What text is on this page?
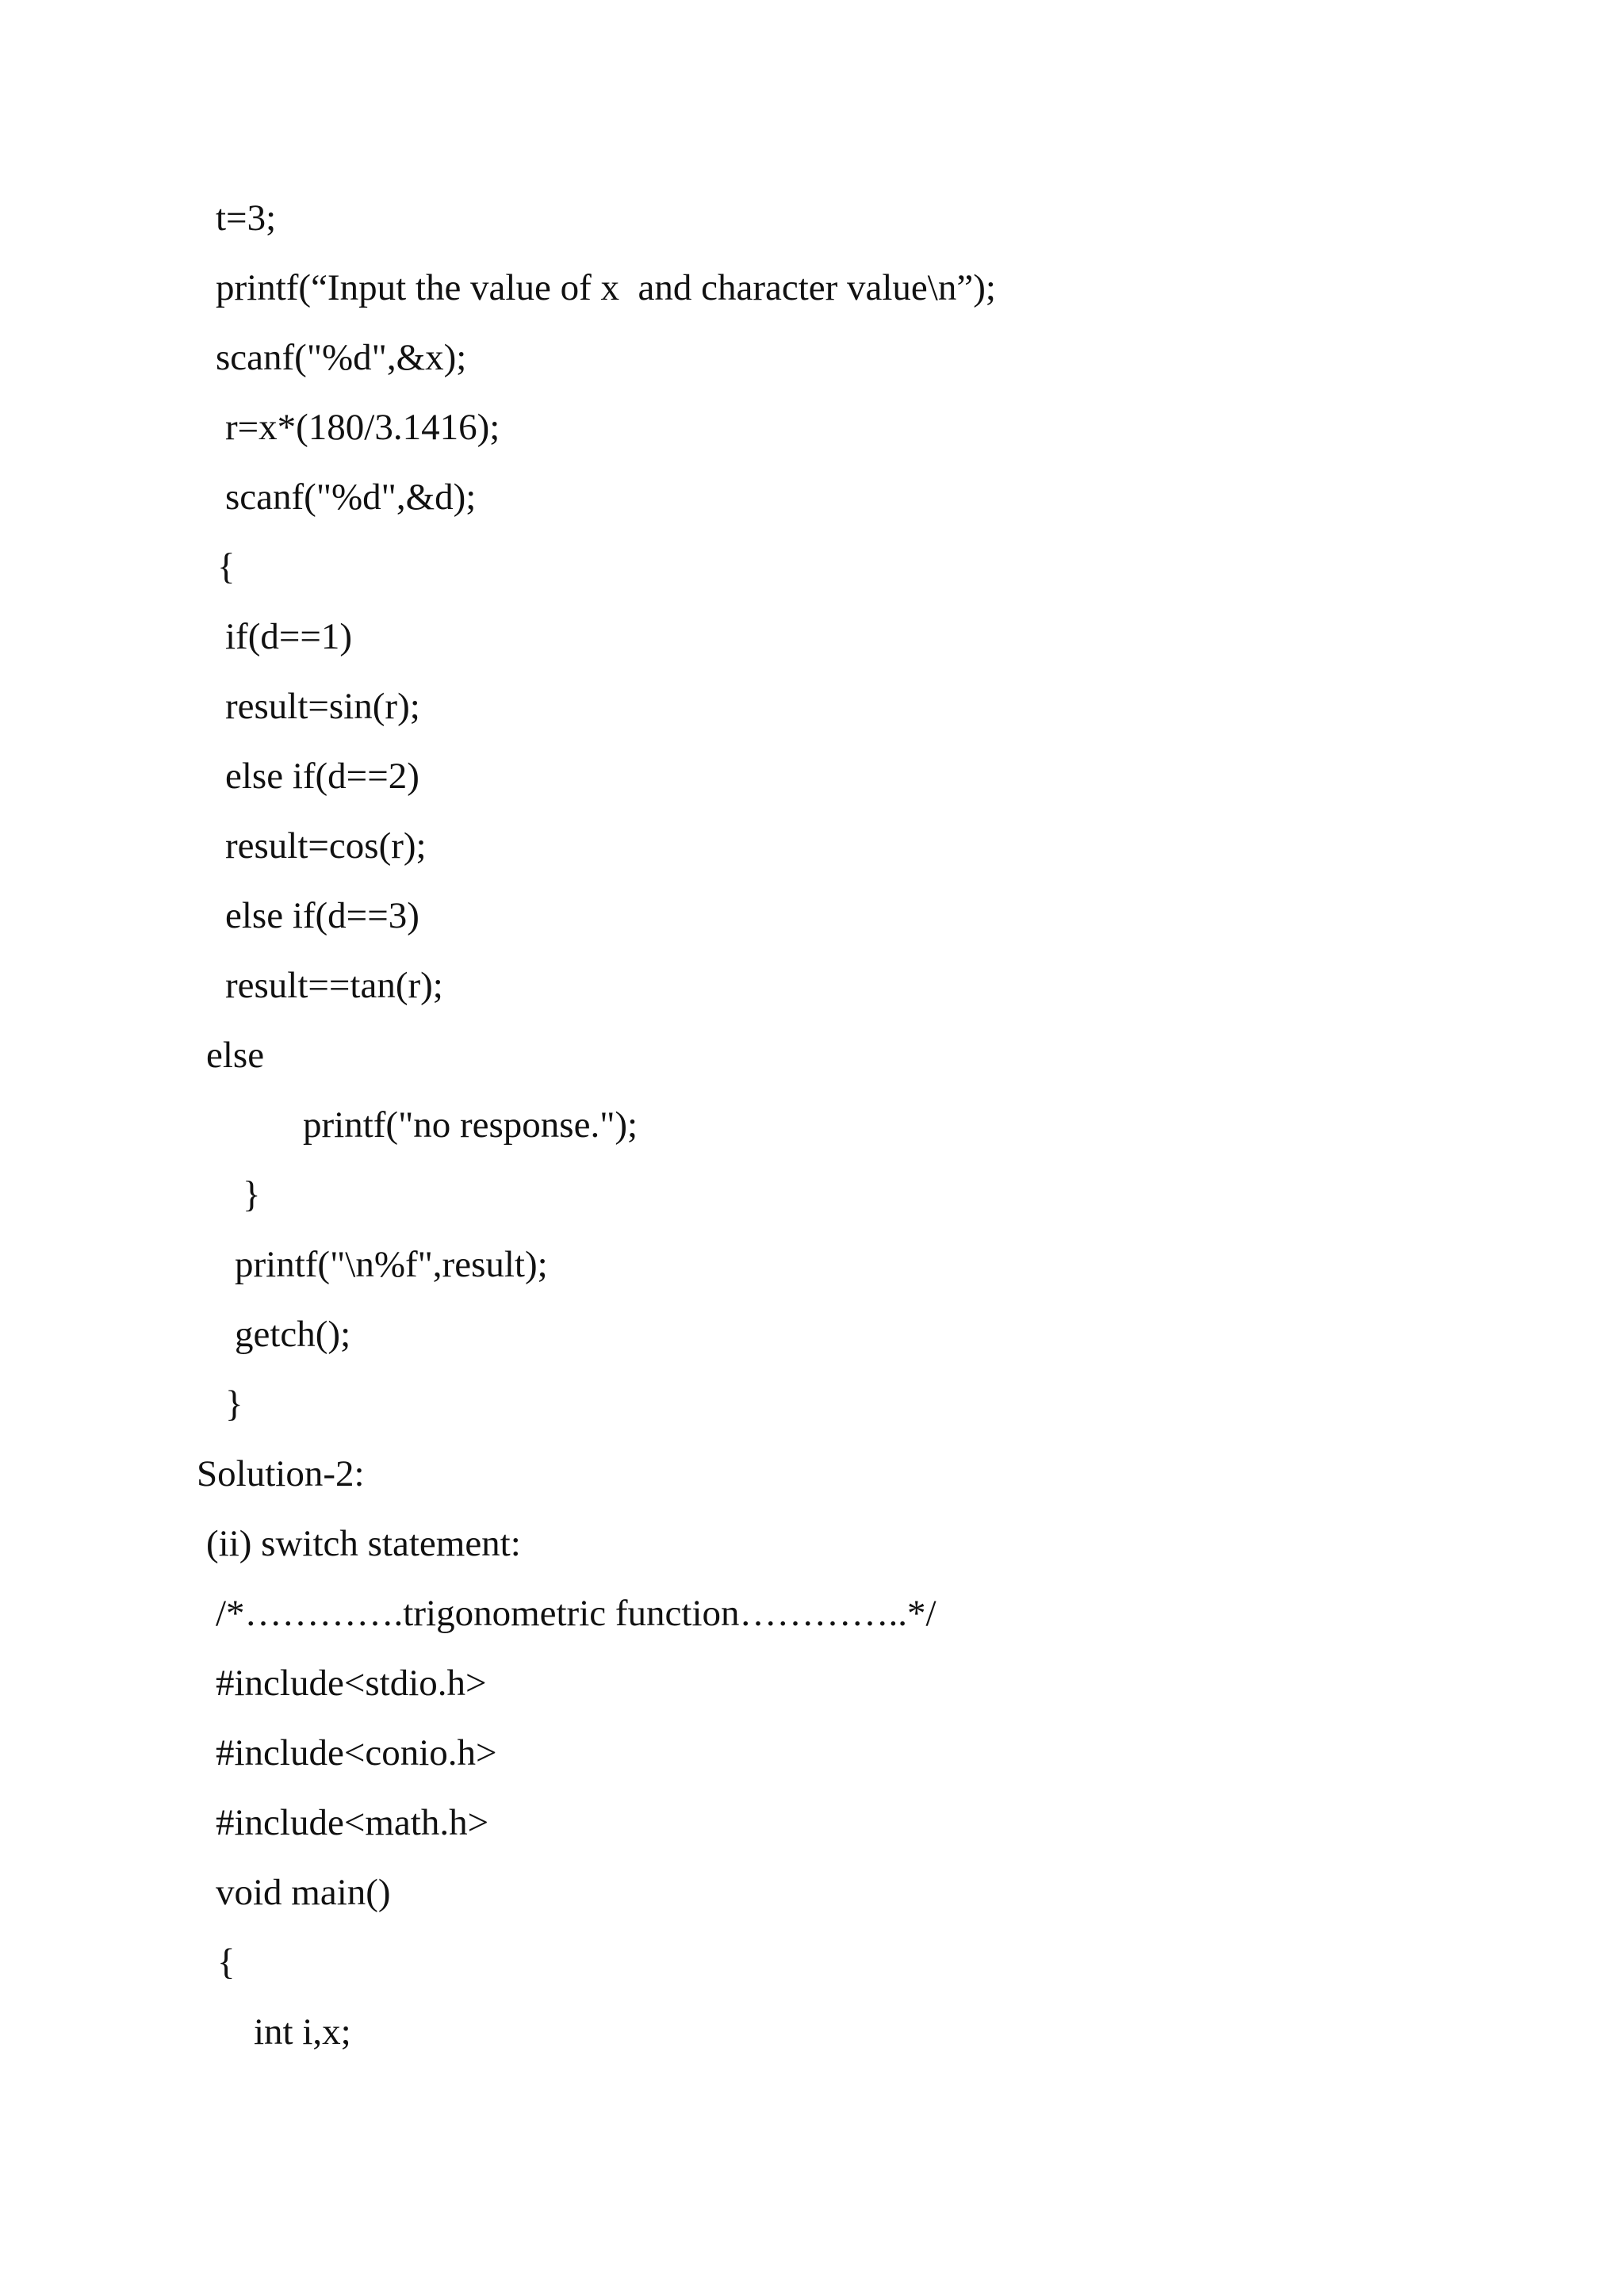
t=3;
printf(“Input the value of x  and character value\n”);
scanf("%d",&x);
r=x*(180/3.1416);
scanf("%d",&d);
{
if(d==1)
result=sin(r);
else if(d==2)
result=cos(r);
else if(d==3)
result==tan(r);
else
printf("no response.");
}
printf("\n%f",result);
getch();
}
Solution-2:
(ii) switch statement:
/*………….trigonometric function…………..*/
#include<stdio.h>
#include<conio.h>
#include<math.h>
void main()
{
int i,x;
